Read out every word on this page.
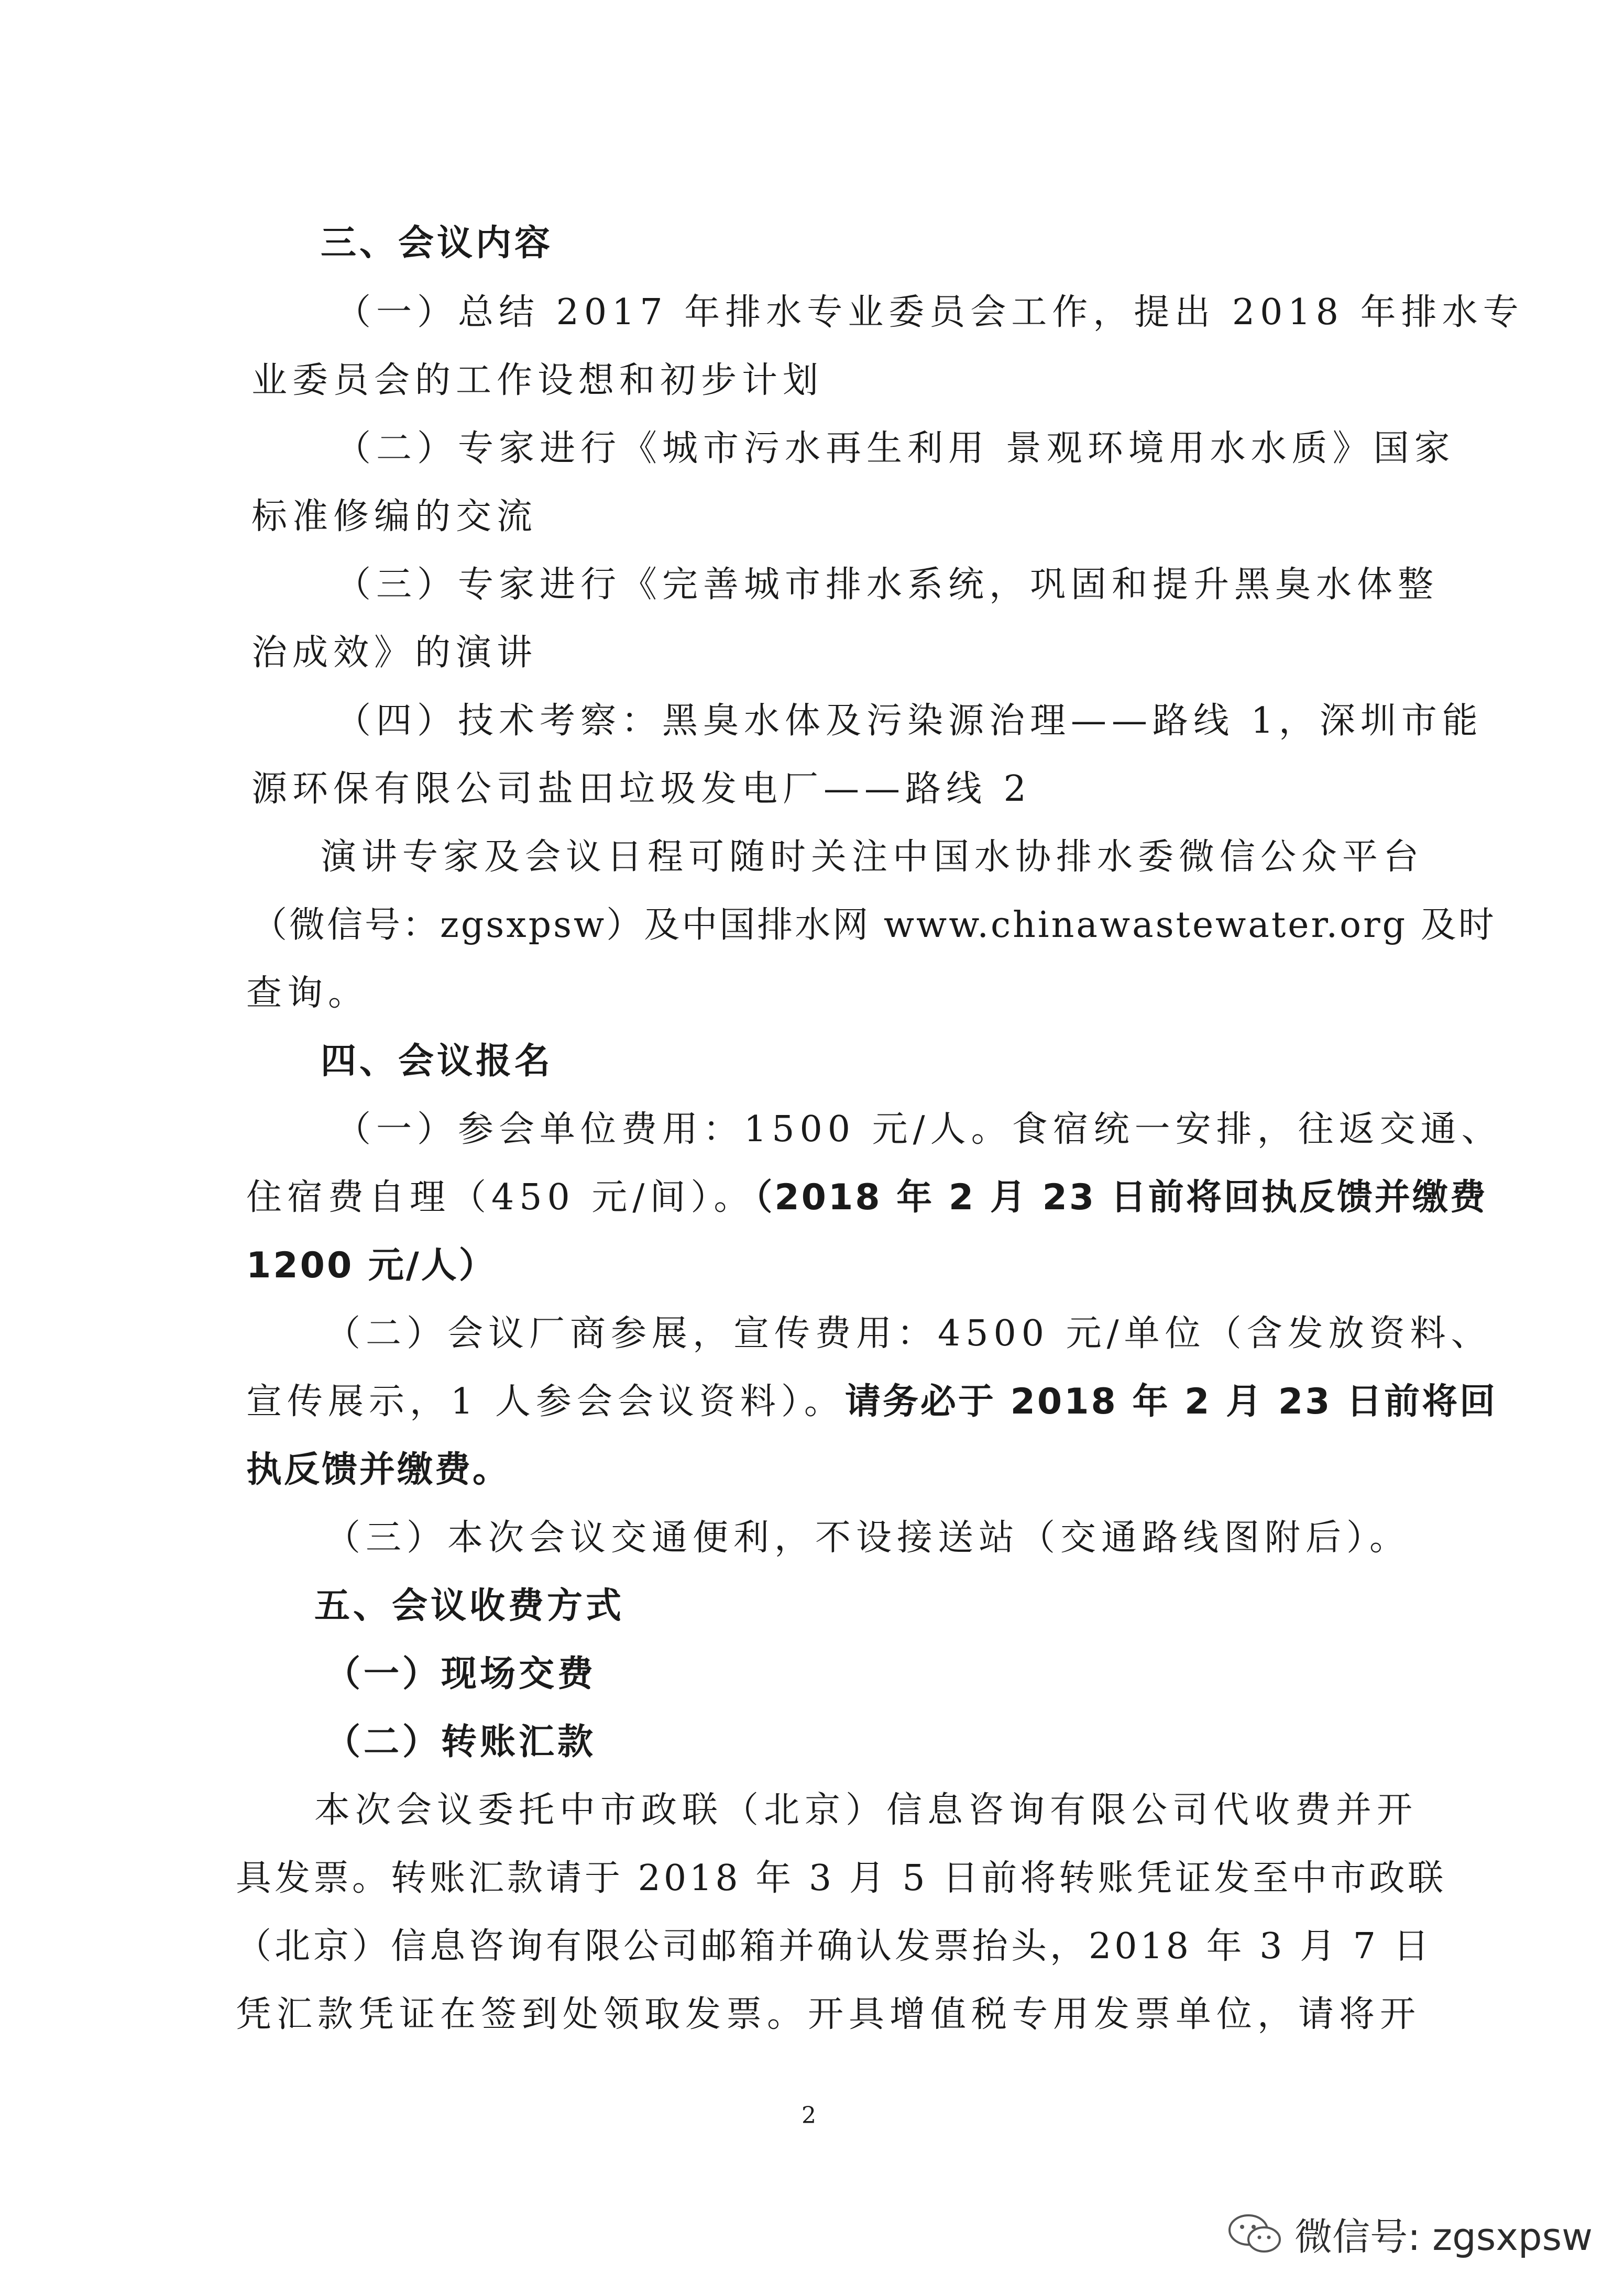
三、会议内容
（一）总结 2017 年排水专业委员会工作，提出 2018 年排水专
业委员会的工作设想和初步计划
（二）专家进行《城市污水再生利用 景观环境用水水质》国家
标准修编的交流
（三）专家进行《完善城市排水系统，巩固和提升黑臭水体整
治成效》的演讲
（四）技术考察：黑臭水体及污染源治理——路线 1，深圳市能
源环保有限公司盐田垃圾发电厂——路线 2
演讲专家及会议日程可随时关注中国水协排水委微信公众平台
（微信号：zgsxpsw）及中国排水网 www.chinawastewater.org 及时
查询。
四、会议报名
（一）参会单位费用：1500 元/人。食宿统一安排，往返交通、
住宿费自理（450 元/间）。（2018 年 2 月 23 日前将回执反馈并缴费
1200 元/人）
（二）会议厂商参展，宣传费用：4500 元/单位（含发放资料、
宣传展示，1 人参会会议资料）。请务必于 2018 年 2 月 23 日前将回
执反馈并缴费。
（三）本次会议交通便利，不设接送站（交通路线图附后）。
五、会议收费方式
（一）现场交费
（二）转账汇款
本次会议委托中市政联（北京）信息咨询有限公司代收费并开
具发票。转账汇款请于 2018 年 3 月 5 日前将转账凭证发至中市政联
（北京）信息咨询有限公司邮箱并确认发票抬头，2018 年 3 月 7 日
凭汇款凭证在签到处领取发票。开具增值税专用发票单位，请将开
2
微信号: zgsxpsw
